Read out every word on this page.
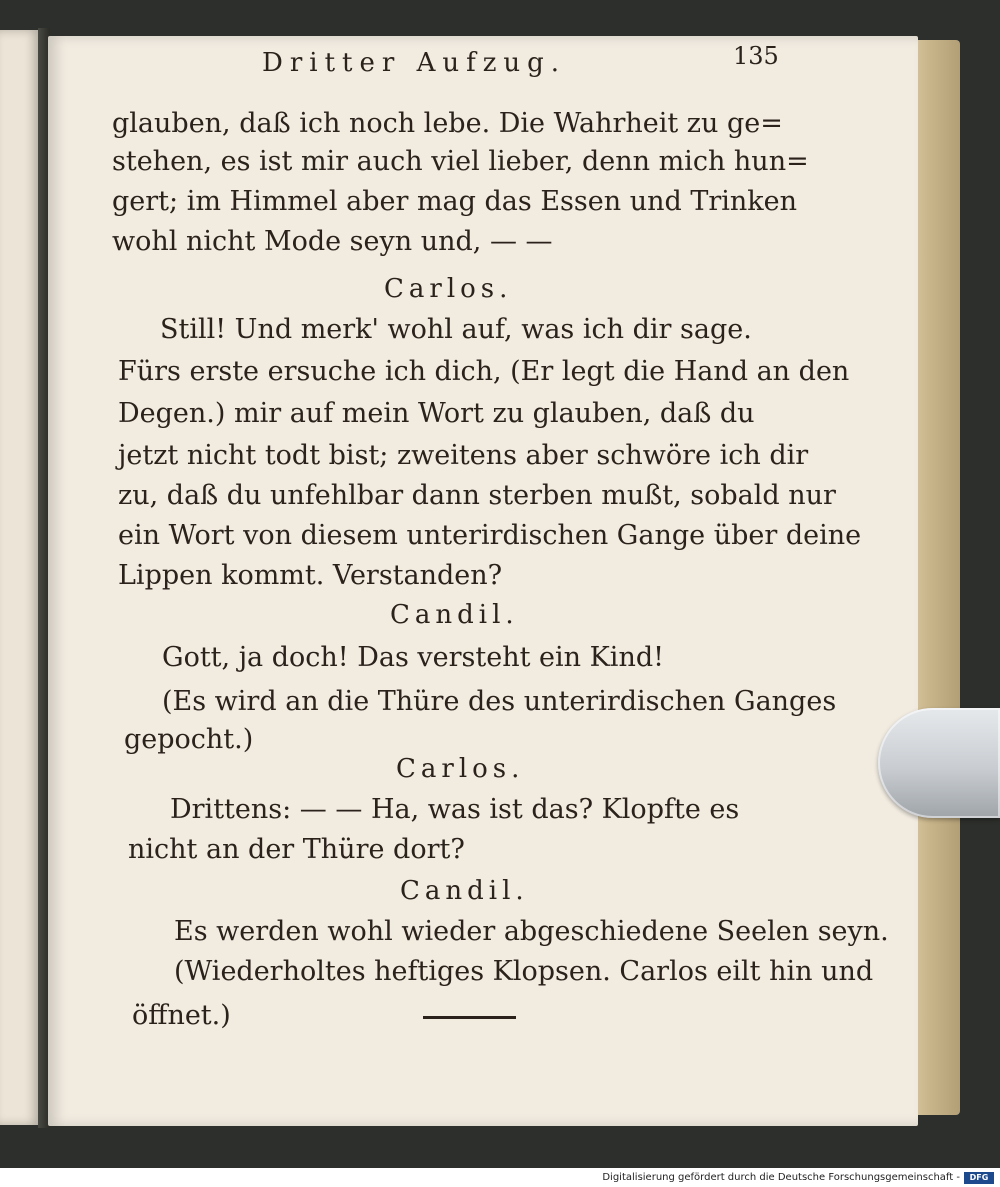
Dritter Aufzug.	135

glauben, daß ich noch lebe. Die Wahrheit zu ge=

stehen, es ist mir auch viel lieber, denn mich hun=

gert; im Himmel aber mag das Essen und Trinken

wohl nicht Mode seyn und, — —

Carlos.

Still! Und merk' wohl auf, was ich dir sage.

Fürs erste ersuche ich dich, (Er legt die Hand an den

Degen.) mir auf mein Wort zu glauben, daß du

jetzt nicht todt bist; zweitens aber schwöre ich dir

zu, daß du unfehlbar dann sterben mußt, sobald nur

ein Wort von diesem unterirdischen Gange über deine

Lippen kommt. Verstanden?

Candil.

Gott, ja doch! Das versteht ein Kind!

(Es wird an die Thüre des unterirdischen Ganges

gepocht.)

Carlos.

Drittens: — — Ha, was ist das? Klopfte es

nicht an der Thüre dort?

Candil.

Es werden wohl wieder abgeschiedene Seelen seyn.

(Wiederholtes heftiges Klopsen. Carlos eilt hin und

öffnet.)

Digitalisierung gefördert durch die Deutsche Forschungsgemeinschaft -	DFG
